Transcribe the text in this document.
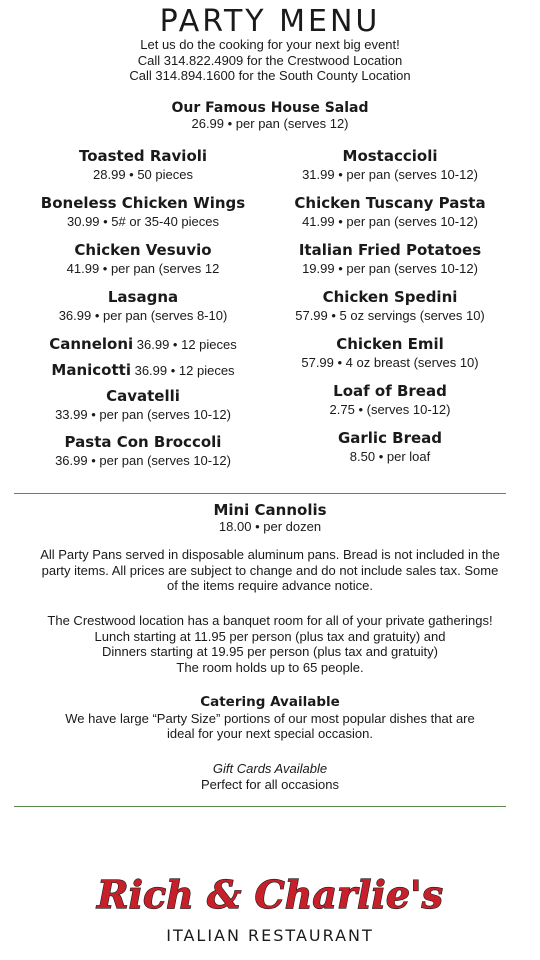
PARTY MENU
Let us do the cooking for your next big event!
Call 314.822.4909 for the Crestwood Location
Call 314.894.1600 for the South County Location
Our Famous House Salad
26.99 • per pan (serves 12)
Toasted Ravioli
28.99 • 50 pieces
Boneless Chicken Wings
30.99 • 5# or 35-40 pieces
Chicken Vesuvio
41.99 • per pan (serves 12
Lasagna
36.99 • per pan (serves 8-10)
Canneloni 36.99 • 12 pieces
Manicotti 36.99 • 12 pieces
Cavatelli
33.99 • per pan (serves 10-12)
Pasta Con Broccoli
36.99 • per pan (serves 10-12)
Mostaccioli
31.99 • per pan (serves 10-12)
Chicken Tuscany Pasta
41.99 • per pan (serves 10-12)
Italian Fried Potatoes
19.99 • per pan (serves 10-12)
Chicken Spedini
57.99 • 5 oz servings (serves 10)
Chicken Emil
57.99 • 4 oz breast (serves 10)
Loaf of Bread
2.75 • (serves 10-12)
Garlic Bread
8.50 • per loaf
Mini Cannolis
18.00 • per dozen
All Party Pans served in disposable aluminum pans. Bread is not included in the
party items. All prices are subject to change and do not include sales tax. Some
of the items require advance notice.
The Crestwood location has a banquet room for all of your private gatherings!
Lunch starting at 11.95 per person (plus tax and gratuity) and
Dinners starting at 19.95 per person (plus tax and gratuity)
The room holds up to 65 people.
Catering Available
We have large “Party Size” portions of our most popular dishes that are
ideal for your next special occasion.
Gift Cards Available
Perfect for all occasions
Rich & Charlie's
ITALIAN RESTAURANT
